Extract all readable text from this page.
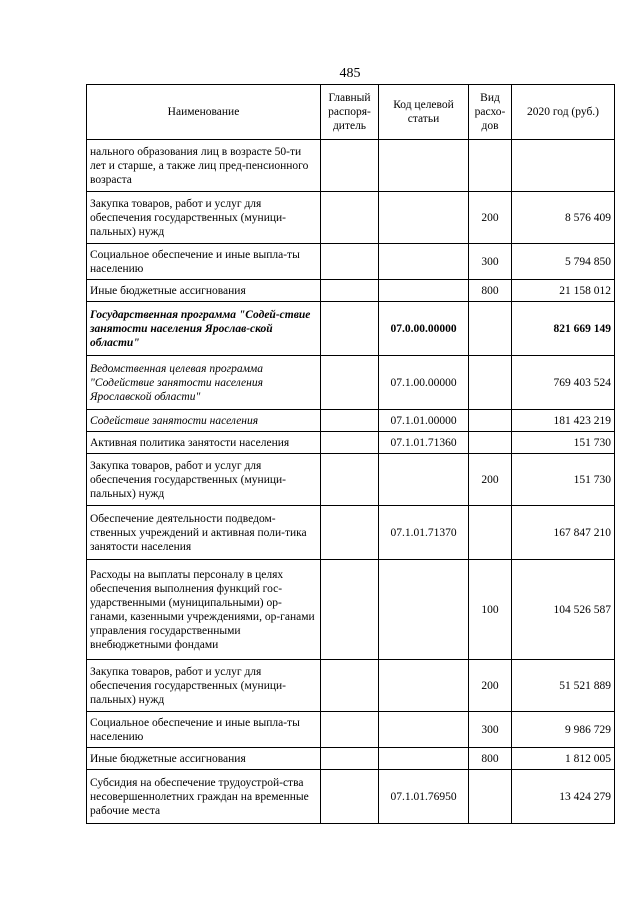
485
Наименование	Главный распоря-дитель	Код целевой статьи	Вид расхо-дов	2020 год (руб.)
нального образования лиц в возрасте 50-ти лет и старше, а также лиц пред-пенсионного возраста				
Закупка товаров, работ и услуг для обеспечения государственных (муници-пальных) нужд			200	8 576 409
Социальное обеспечение и иные выпла-ты населению			300	5 794 850
Иные бюджетные ассигнования			800	21 158 012
Государственная программа "Содей-ствие занятости населения Ярослав-ской области"		07.0.00.00000		821 669 149
Ведомственная целевая программа "Содействие занятости населения Ярославской области"		07.1.00.00000		769 403 524
Содействие занятости населения		07.1.01.00000		181 423 219
Активная политика занятости населения		07.1.01.71360		151 730
Закупка товаров, работ и услуг для обеспечения государственных (муници-пальных) нужд			200	151 730
Обеспечение деятельности подведом-ственных учреждений и активная поли-тика занятости населения		07.1.01.71370		167 847 210
Расходы на выплаты персоналу в целях обеспечения выполнения функций гос-ударственными (муниципальными) ор-ганами, казенными учреждениями, ор-ганами управления государственными внебюджетными фондами			100	104 526 587
Закупка товаров, работ и услуг для обеспечения государственных (муници-пальных) нужд			200	51 521 889
Социальное обеспечение и иные выпла-ты населению			300	9 986 729
Иные бюджетные ассигнования			800	1 812 005
Субсидия на обеспечение трудоустрой-ства несовершеннолетних граждан на временные рабочие места		07.1.01.76950		13 424 279
